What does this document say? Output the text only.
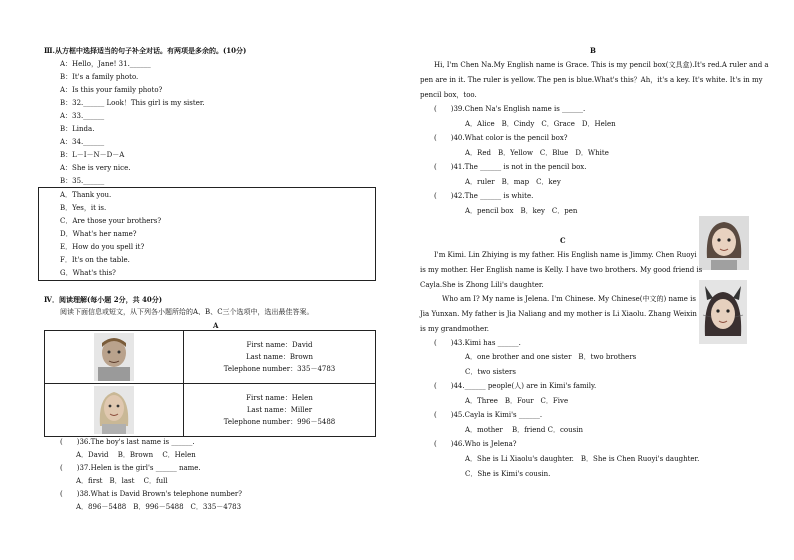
Ⅲ.从方框中选择适当的句子补全对话。有两项是多余的。(10分)
A：Hello，Jane! 31.______
B：It's a family photo.
A：Is this your family photo?
B：32.______ Look！This girl is my sister.
A：33.______
B：Linda.
A：34.______
B：L－I－N－D－A
A：She is very nice.
B：35.______
A．Thank you.
B．Yes，it is.
C．Are those your brothers?
D．What's her name?
E．How do you spell it?
F．It's on the table.
G．What's this?
Ⅳ．阅读理解(每小题 2分，共 40分)
阅读下面信息或短文，从下列各小题所给的A、B、C三个选项中，选出最佳答案。
A

First name：David
Last name：Brown
Telephone number：335－4783

First name：Helen
Last name：Miller
Telephone number：996－5488
(　　)36.The boy's last name is ______.
A．David　 B．Brown　 C．Helen
(　　)37.Helen is the girl's ______ name.
A．first　B．last　 C．full
(　　)38.What is David Brown's telephone number?
A．896－5488　B．996－5488　C．335－4783
B
Hi, I'm Chen Na.My English name is Grace. This is my pencil box(文具盒).It's red.A ruler and a
pen are in it. The ruler is yellow. The pen is blue.What's this？Ah，it's a key. It's white. It's in my
pencil box，too.
(　　)39.Chen Na's English name is ______.
A．Alice　B．Cindy　C．Grace　D．Helen
(　　)40.What color is the pencil box?
A．Red　B．Yellow　C．Blue　D．White
(　　)41.The ______ is not in the pencil box.
A．ruler　B．map　C．key
(　　)42.The ______ is white.
A．pencil box　B．key　C．pen
C
I'm Kimi. Lin Zhiying is my father. His English name is Jimmy. Chen Ruoyi
is my mother. Her English name is Kelly. I have two brothers. My good friend is
Cayla.She is Zhong Lili's daughter.
Who am I? My name is Jelena. I'm Chinese. My Chinese(中文的) name is
Jia Yunxan. My father is Jia Naliang and my mother is Li Xiaolu. Zhang Weixin
is my grandmother.
(　　)43.Kimi has ______.
A．one brother and one sister　B．two brothers
C．two sisters
(　　)44.______ people(人) are in Kimi's family.
A．Three　B．Four　C．Five
(　　)45.Cayla is Kimi's ______.
A．mother　 B．friend C．cousin
(　　)46.Who is Jelena?
A．She is Li Xiaolu's daughter.　B．She is Chen Ruoyi's daughter.
C．She is Kimi's cousin.
